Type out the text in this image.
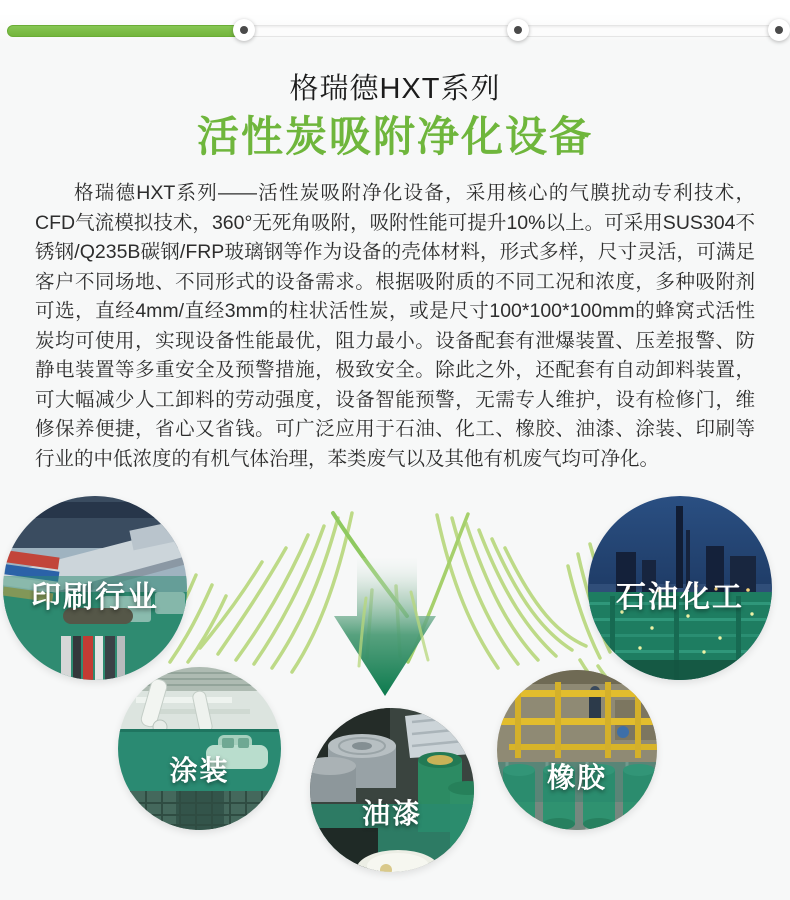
格瑞德HXT系列
活性炭吸附净化设备

格瑞德HXT系列——活性炭吸附净化设备，采用核心的气膜扰动专利技术，CFD气流模拟技术，360°无死角吸附，吸附性能可提升10%以上。可采用SUS304不锈钢/Q235B碳钢/FRP玻璃钢等作为设备的壳体材料，形式多样，尺寸灵活，可满足客户不同场地、不同形式的设备需求。根据吸附质的不同工况和浓度，多种吸附剂可选，直经4mm/直经3mm的柱状活性炭，或是尺寸100*100*100mm的蜂窝式活性炭均可使用，实现设备性能最优，阻力最小。设备配套有泄爆装置、压差报警、防静电装置等多重安全及预警措施，极致安全。除此之外，还配套有自动卸料装置，可大幅减少人工卸料的劳动强度，设备智能预警，无需专人维护，设有检修门，维修保养便捷，省心又省钱。可广泛应用于石油、化工、橡胶、油漆、涂装、印刷等行业的中低浓度的有机气体治理，苯类废气以及其他有机废气均可净化。

印刷行业	石油化工
涂装
油漆
橡胶
